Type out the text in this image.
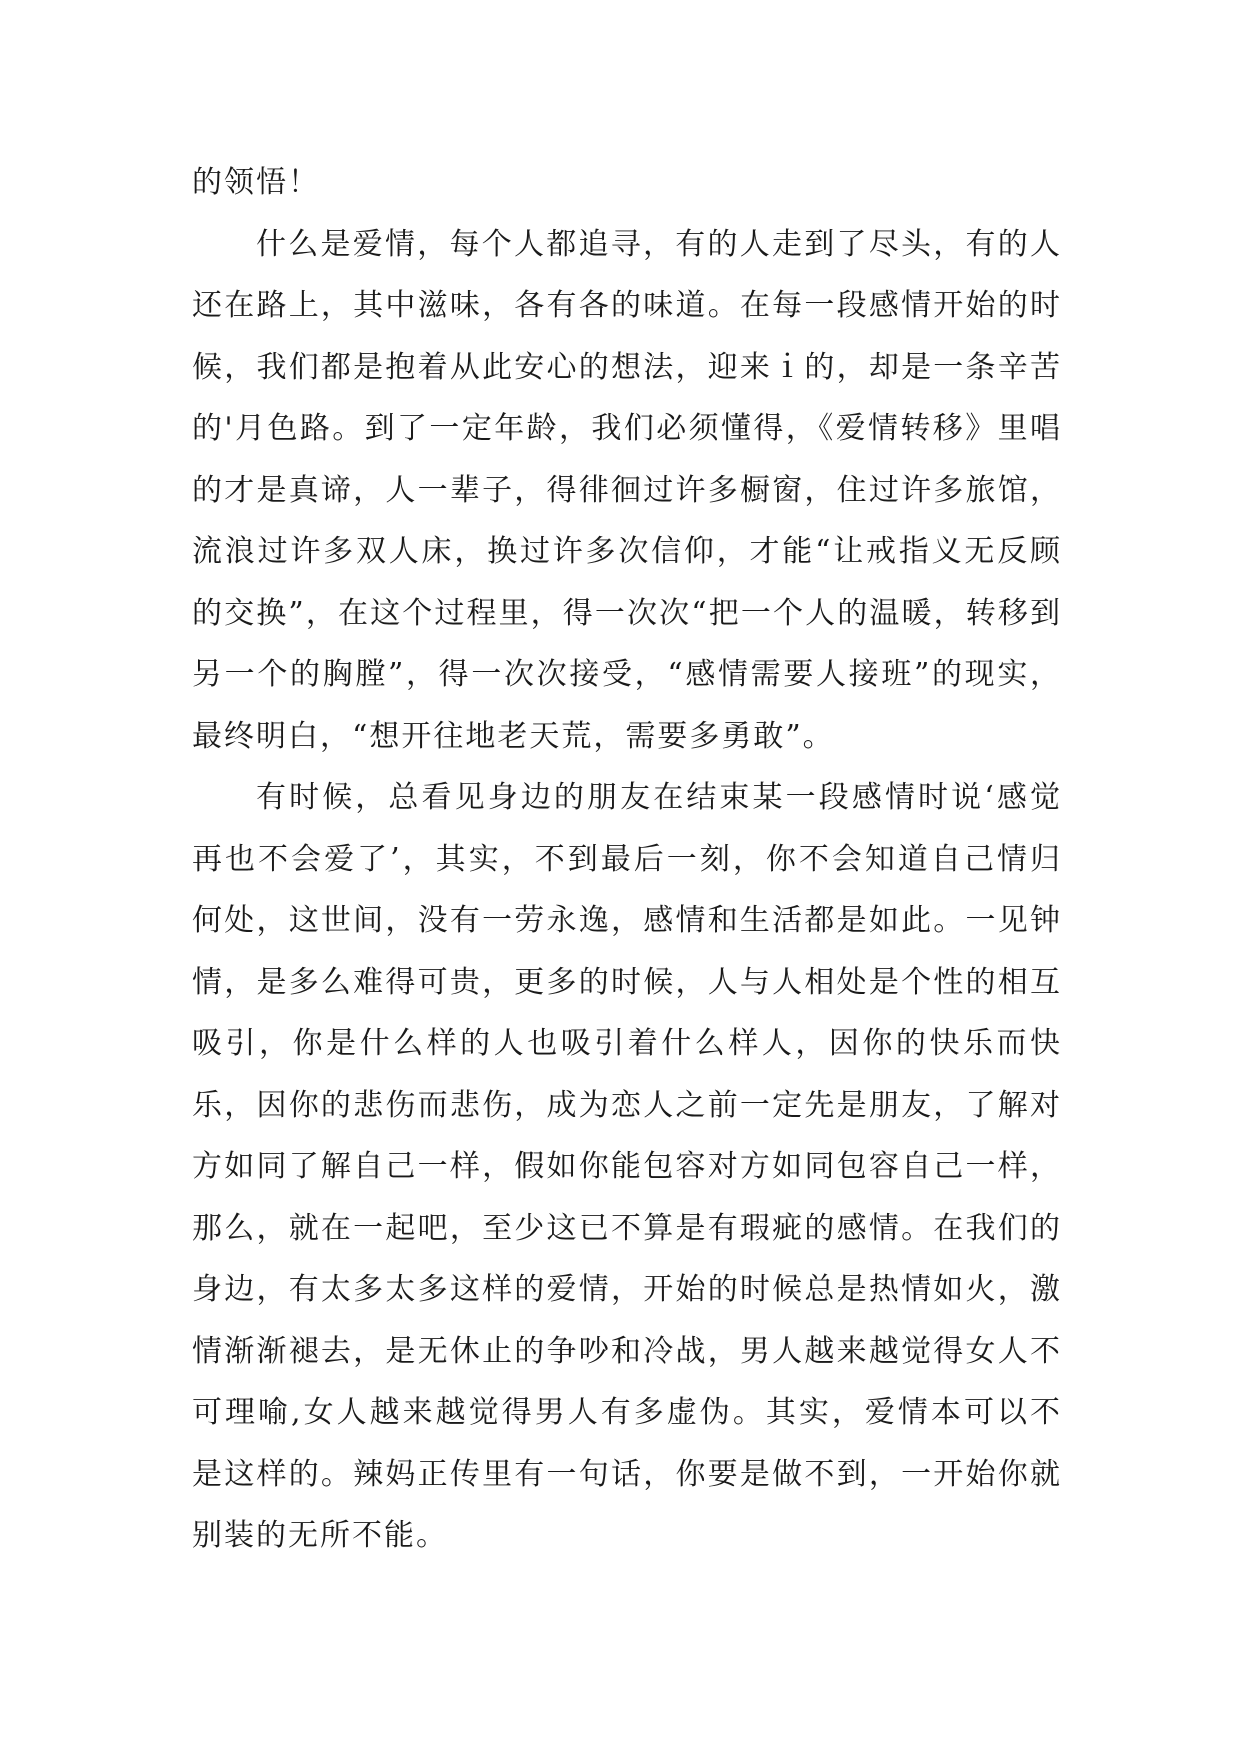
的领悟！

什么是爱情，每个人都追寻，有的人走到了尽头，有的人还在路上，其中滋味，各有各的味道。在每一段感情开始的时候，我们都是抱着从此安心的想法，迎来ｉ的，却是一条辛苦的'月色路。到了一定年龄，我们必须懂得，《爱情转移》里唱的才是真谛，人一辈子，得徘徊过许多橱窗，住过许多旅馆，流浪过许多双人床，换过许多次信仰，才能“让戒指义无反顾的交换”，在这个过程里，得一次次“把一个人的温暖，转移到另一个的胸膛”，得一次次接受，“感情需要人接班”的现实，最终明白，“想开往地老天荒，需要多勇敢”。

有时候，总看见身边的朋友在结束某一段感情时说‘感觉再也不会爱了’，其实，不到最后一刻，你不会知道自己情归何处，这世间，没有一劳永逸，感情和生活都是如此。一见钟情，是多么难得可贵，更多的时候，人与人相处是个性的相互吸引，你是什么样的人也吸引着什么样人，因你的快乐而快乐，因你的悲伤而悲伤，成为恋人之前一定先是朋友，了解对方如同了解自己一样，假如你能包容对方如同包容自己一样，那么，就在一起吧，至少这已不算是有瑕疵的感情。在我们的身边，有太多太多这样的爱情，开始的时候总是热情如火，激情渐渐褪去，是无休止的争吵和冷战，男人越来越觉得女人不可理喻,女人越来越觉得男人有多虚伪。其实，爱情本可以不是这样的。辣妈正传里有一句话，你要是做不到，一开始你就别装的无所不能。
